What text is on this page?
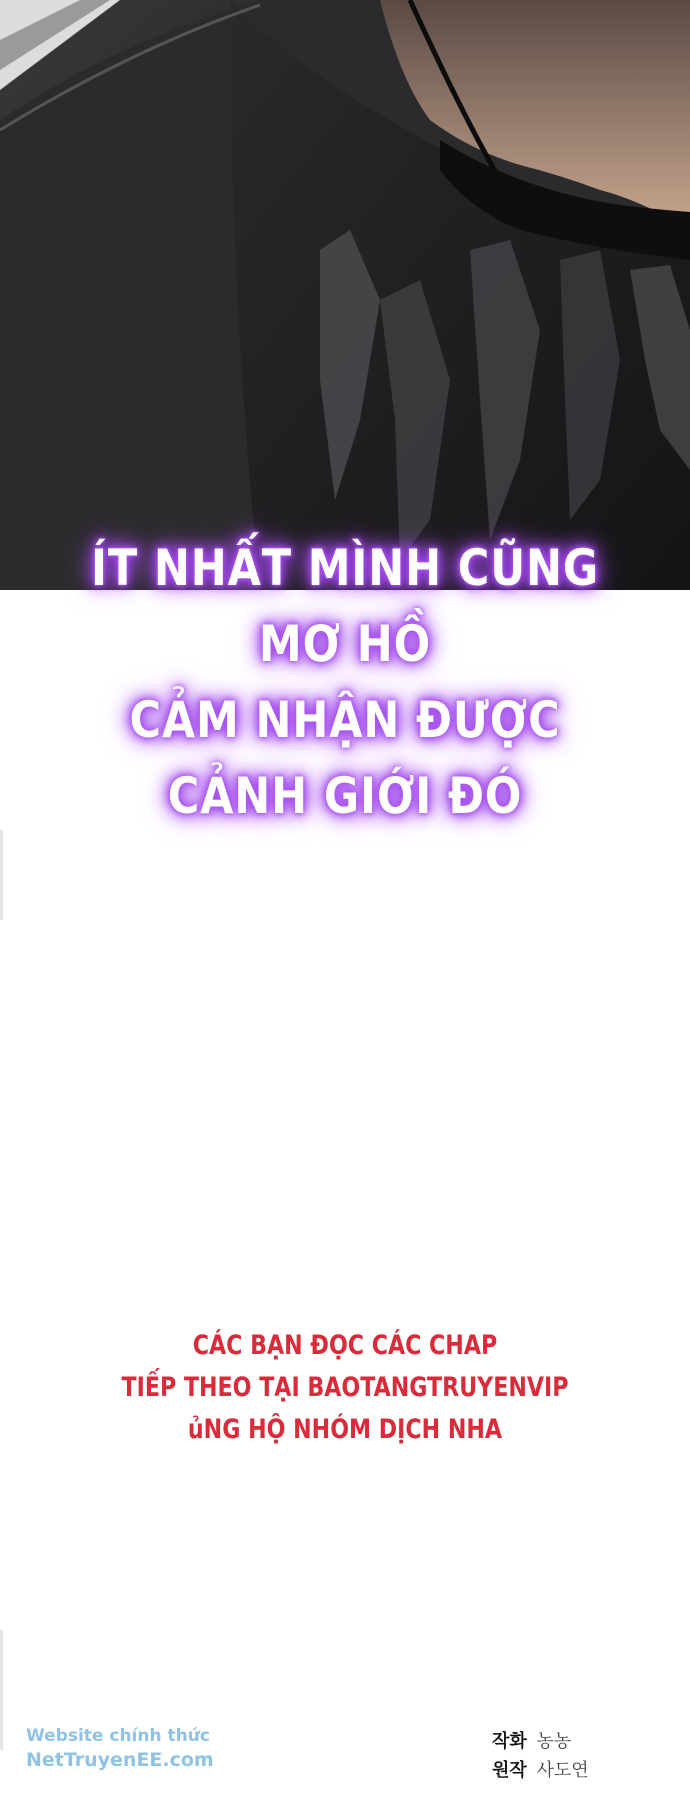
ÍT NHẤT MÌNH CŨNG MƠ HỒ
CẢM NHẬN ĐƯỢC
CẢNH GIỚI ĐÓ
CÁC BẠN ĐỌC CÁC CHAP
TIẾP THEO TẠI BAOTANGTRUYENVIP
ủNG HỘ NHÓM DỊCH NHA
Website chính thức
NetTruyenEE.com
작화 농농
원작 사도연
